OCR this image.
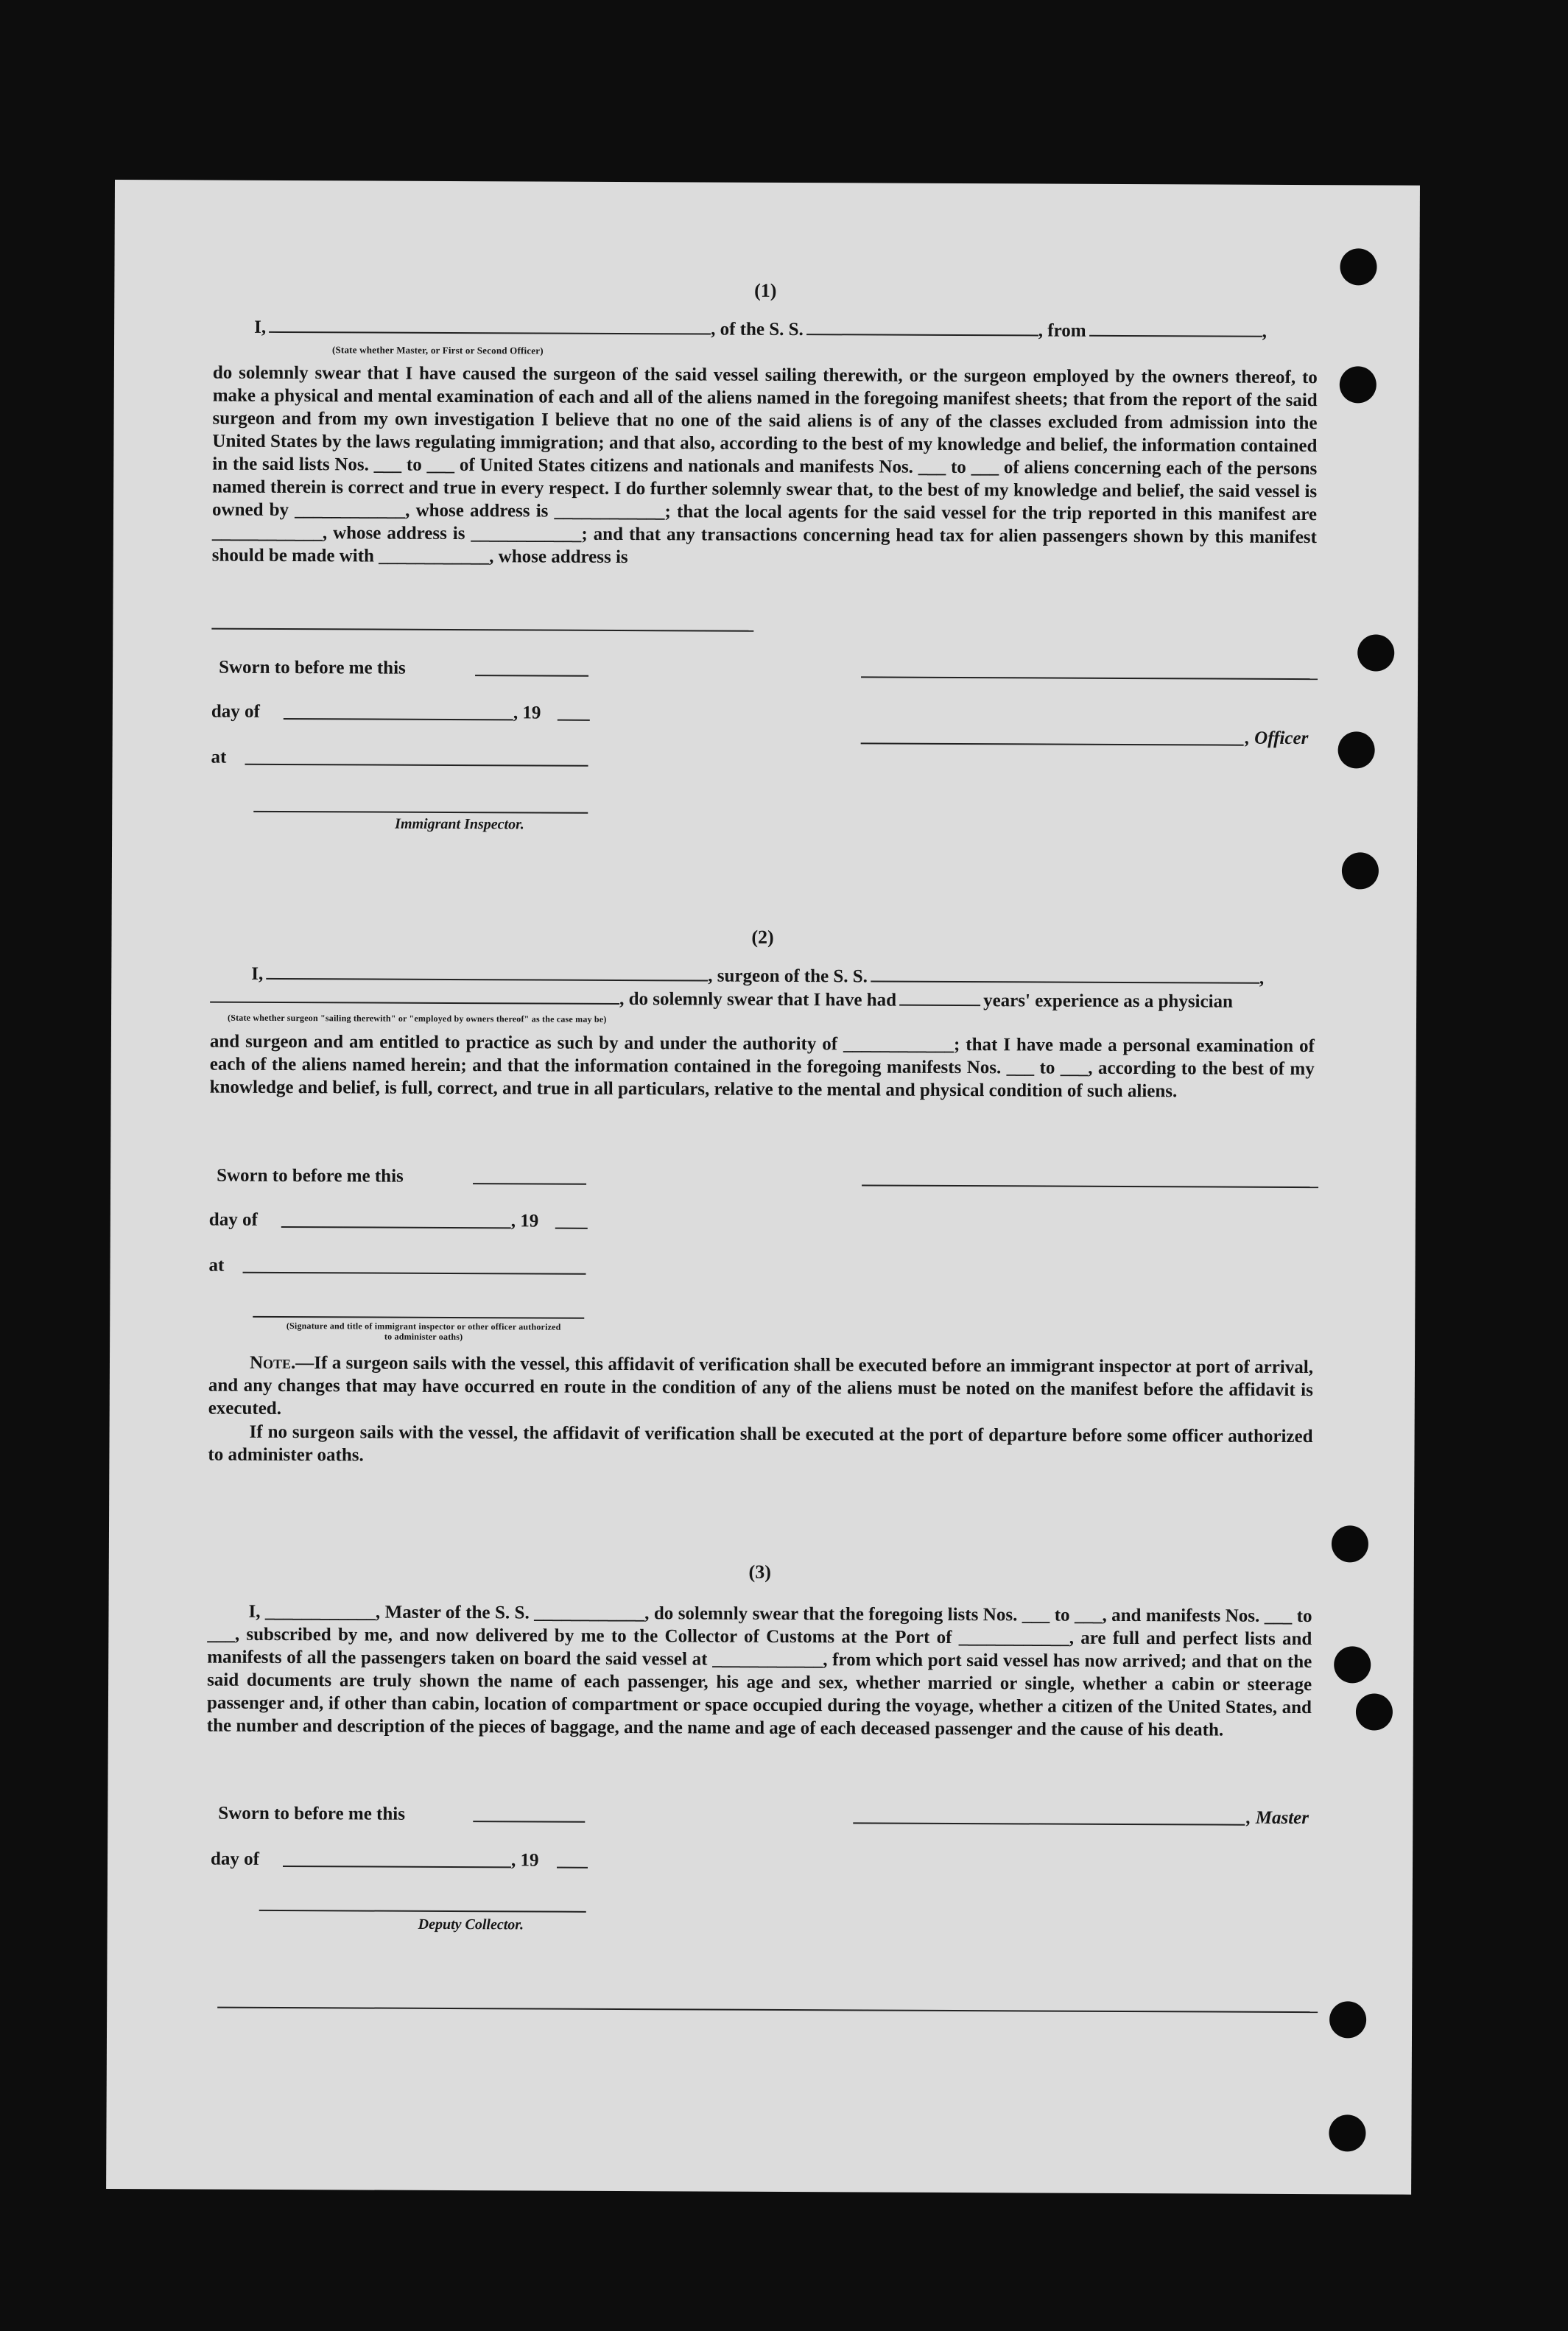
(1)
I,	, of the S. S.	, from	,
(State whether Master, or First or Second Officer)
do solemnly swear that I have caused the surgeon of the said vessel sailing therewith, or the surgeon employed by the owners thereof, to make a physical and mental examination of each and all of the aliens named in the foregoing manifest sheets; that from the report of the said surgeon and from my own investigation I believe that no one of the said aliens is of any of the classes excluded from admission into the United States by the laws regulating immigration; and that also, according to the best of my knowledge and belief, the information contained in the said lists Nos. ___ to ___ of United States citizens and nationals and manifests Nos. ___ to ___ of aliens concerning each of the persons named therein is correct and true in every respect. I do further solemnly swear that, to the best of my knowledge and belief, the said vessel is owned by ____________, whose address is ____________; that the local agents for the said vessel for the trip reported in this manifest are ____________, whose address is ____________; and that any transactions concerning head tax for alien passengers shown by this manifest should be made with ____________, whose address is
Sworn to before me this
day of	, 19
, Officer
at
Immigrant Inspector.
(2)
I,	, surgeon of the S. S.	,
, do solemnly swear that I have had	years' experience as a physician
(State whether surgeon "sailing therewith" or "employed by owners thereof" as the case may be)
and surgeon and am entitled to practice as such by and under the authority of ____________; that I have made a personal examination of each of the aliens named herein; and that the information contained in the foregoing manifests Nos. ___ to ___, according to the best of my knowledge and belief, is full, correct, and true in all particulars, relative to the mental and physical condition of such aliens.
Sworn to before me this
day of	, 19
at
(Signature and title of immigrant inspector or other officer authorized to administer oaths)
Note.—If a surgeon sails with the vessel, this affidavit of verification shall be executed before an immigrant inspector at port of arrival, and any changes that may have occurred en route in the condition of any of the aliens must be noted on the manifest before the affidavit is executed.
If no surgeon sails with the vessel, the affidavit of verification shall be executed at the port of departure before some officer authorized to administer oaths.
(3)
I, ____________, Master of the S. S. ____________, do solemnly swear that the foregoing lists Nos. ___ to ___, and manifests Nos. ___ to ___, subscribed by me, and now delivered by me to the Collector of Customs at the Port of ____________, are full and perfect lists and manifests of all the passengers taken on board the said vessel at ____________, from which port said vessel has now arrived; and that on the said documents are truly shown the name of each passenger, his age and sex, whether married or single, whether a cabin or steerage passenger and, if other than cabin, location of compartment or space occupied during the voyage, whether a citizen of the United States, and the number and description of the pieces of baggage, and the name and age of each deceased passenger and the cause of his death.
Sworn to before me this	, Master
day of	, 19
Deputy Collector.
